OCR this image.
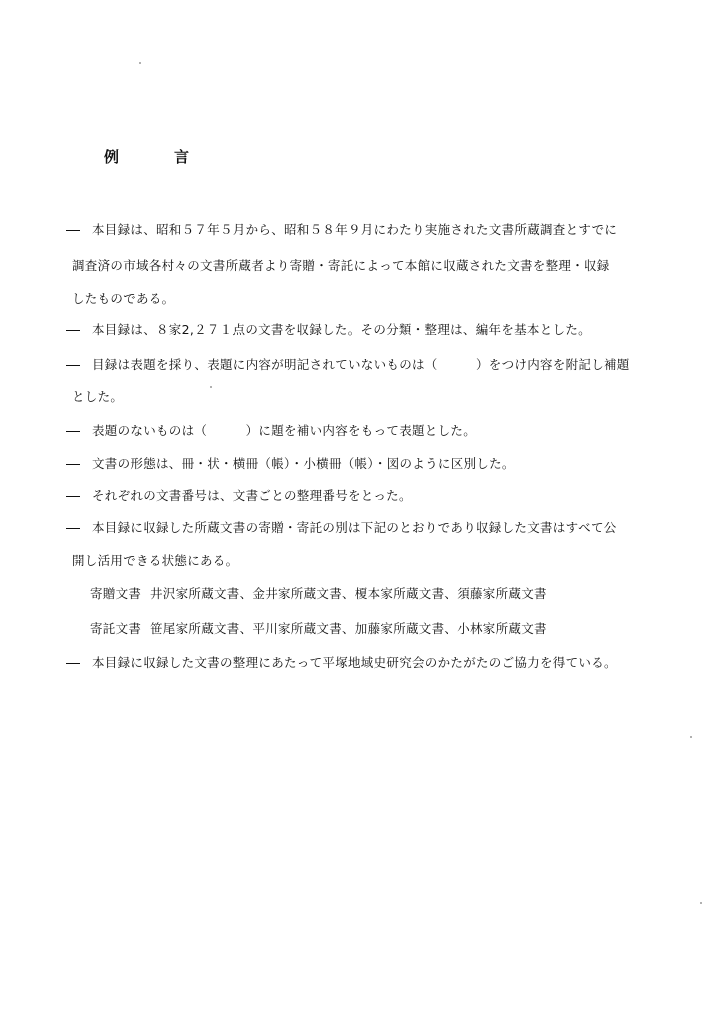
例	言
本目録は、昭和５７年５月から、昭和５８年９月にわたり実施された文書所蔵調査とすでに
調査済の市域各村々の文書所蔵者より寄贈・寄託によって本館に収蔵された文書を整理・収録
したものである。
本目録は、８家2,２７１点の文書を収録した。その分類・整理は、編年を基本とした。
目録は表題を採り、表題に内容が明記されていないものは（　　　）をつけ内容を附記し補題
とした。
表題のないものは（　　　）に題を補い内容をもって表題とした。
文書の形態は、冊・状・横冊（帳）・小横冊（帳）・図のように区別した。
それぞれの文書番号は、文書ごとの整理番号をとった。
本目録に収録した所蔵文書の寄贈・寄託の別は下記のとおりであり収録した文書はすべて公
開し活用できる状態にある。
寄贈文書 井沢家所蔵文書、金井家所蔵文書、榎本家所蔵文書、須藤家所蔵文書
寄託文書 笹尾家所蔵文書、平川家所蔵文書、加藤家所蔵文書、小林家所蔵文書
本目録に収録した文書の整理にあたって平塚地域史研究会のかたがたのご協力を得ている。
